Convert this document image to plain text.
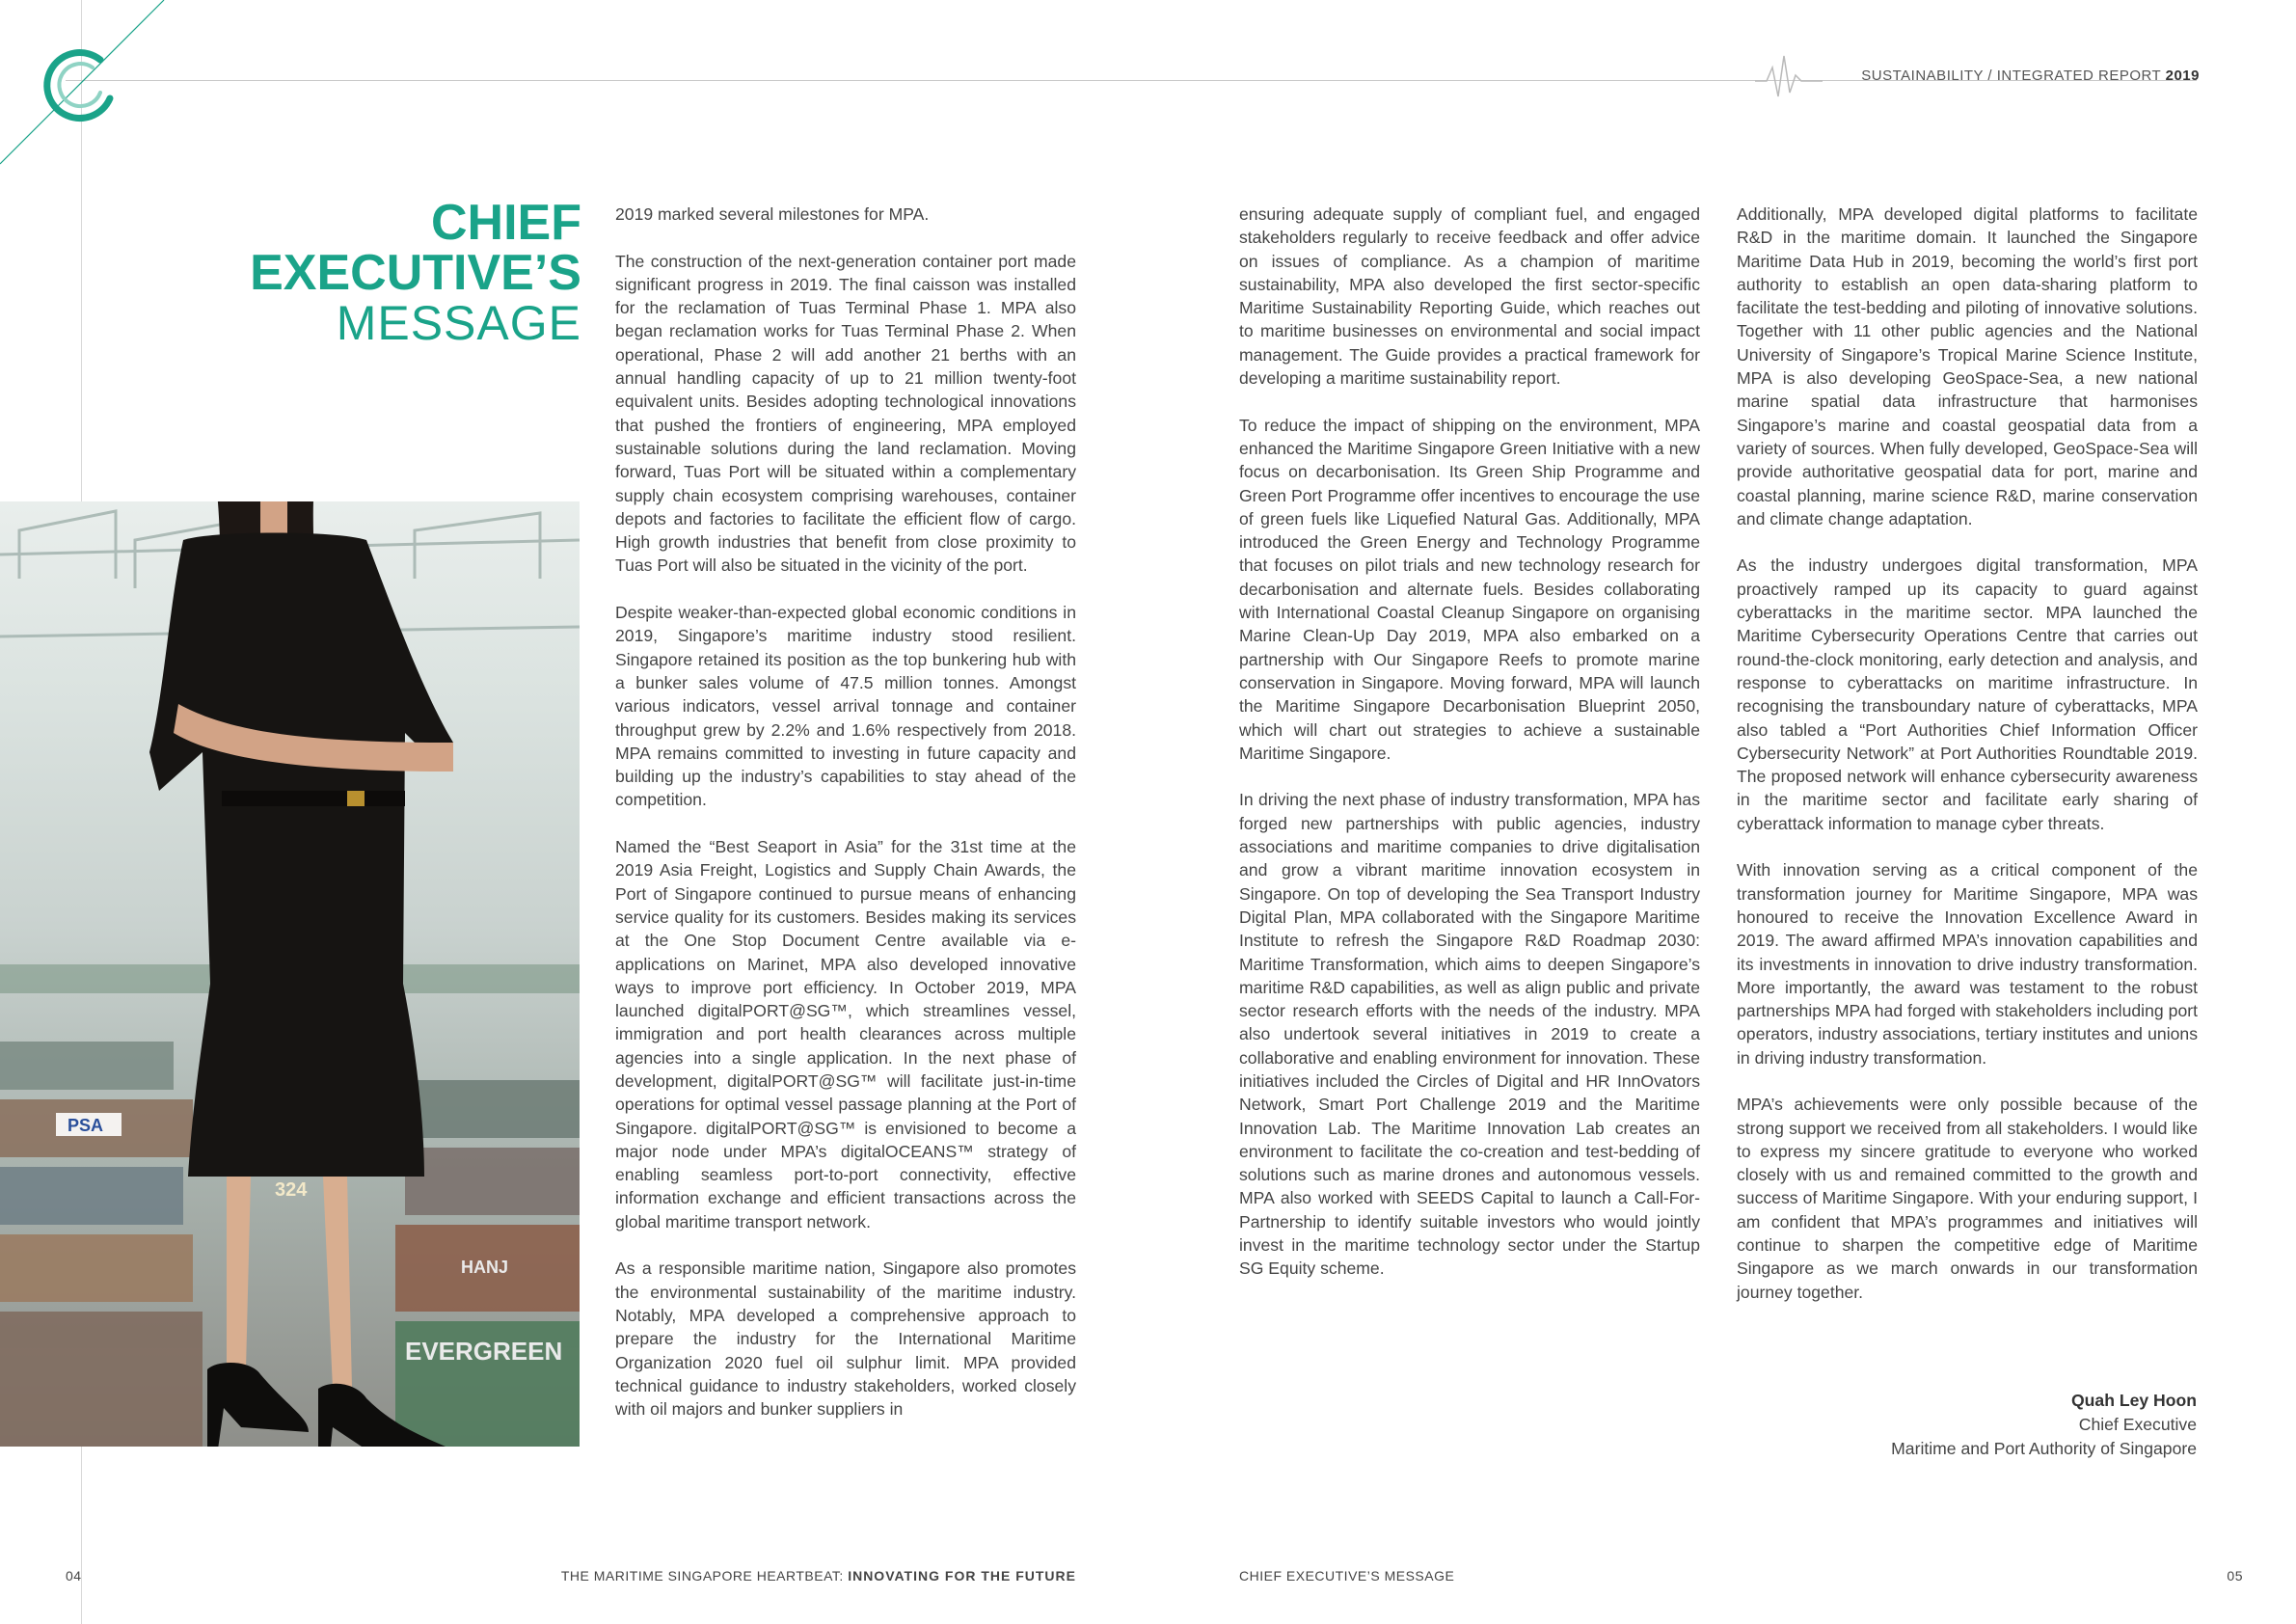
SUSTAINABILITY / INTEGRATED REPORT 2019
CHIEF
EXECUTIVE’S
MESSAGE
PSA
EVERGREEN
HANJ
324

2019 marked several milestones for MPA.

The construction of the next-generation container port made significant progress in 2019. The final caisson was installed for the reclamation of Tuas Terminal Phase 1. MPA also began reclamation works for Tuas Terminal Phase 2. When operational, Phase 2 will add another 21 berths with an annual handling capacity of up to 21 million twenty-foot equivalent units. Besides adopting technological innovations that pushed the frontiers of engineering, MPA employed sustainable solutions during the land reclamation. Moving forward, Tuas Port will be situated within a complementary supply chain ecosystem comprising warehouses, container depots and factories to facilitate the efficient flow of cargo. High growth industries that benefit from close proximity to Tuas Port will also be situated in the vicinity of the port.

Despite weaker-than-expected global economic conditions in 2019, Singapore’s maritime industry stood resilient. Singapore retained its position as the top bunkering hub with a bunker sales volume of 47.5 million tonnes. Amongst various indicators, vessel arrival tonnage and container throughput grew by 2.2% and 1.6% respectively from 2018. MPA remains committed to investing in future capacity and building up the industry’s capabilities to stay ahead of the competition.

Named the “Best Seaport in Asia” for the 31st time at the 2019 Asia Freight, Logistics and Supply Chain Awards, the Port of Singapore continued to pursue means of enhancing service quality for its customers. Besides making its services at the One Stop Document Centre available via e-applications on Marinet, MPA also developed innovative ways to improve port efficiency. In October 2019, MPA launched digitalPORT@SG™, which streamlines vessel, immigration and port health clearances across multiple agencies into a single application. In the next phase of development, digitalPORT@SG™ will facilitate just-in-time operations for optimal vessel passage planning at the Port of Singapore. digitalPORT@SG™ is envisioned to become a major node under MPA’s digitalOCEANS™ strategy of enabling seamless port-to-port connectivity, effective information exchange and efficient transactions across the global maritime transport network.

As a responsible maritime nation, Singapore also promotes the environmental sustainability of the maritime industry. Notably, MPA developed a comprehensive approach to prepare the industry for the International Maritime Organization 2020 fuel oil sulphur limit. MPA provided technical guidance to industry stakeholders, worked closely with oil majors and bunker suppliers in

ensuring adequate supply of compliant fuel, and engaged stakeholders regularly to receive feedback and offer advice on issues of compliance. As a champion of maritime sustainability, MPA also developed the first sector-specific Maritime Sustainability Reporting Guide, which reaches out to maritime businesses on environmental and social impact management. The Guide provides a practical framework for developing a maritime sustainability report.

To reduce the impact of shipping on the environment, MPA enhanced the Maritime Singapore Green Initiative with a new focus on decarbonisation. Its Green Ship Programme and Green Port Programme offer incentives to encourage the use of green fuels like Liquefied Natural Gas. Additionally, MPA introduced the Green Energy and Technology Programme that focuses on pilot trials and new technology research for decarbonisation and alternate fuels. Besides collaborating with International Coastal Cleanup Singapore on organising Marine Clean-Up Day 2019, MPA also embarked on a partnership with Our Singapore Reefs to promote marine conservation in Singapore. Moving forward, MPA will launch the Maritime Singapore Decarbonisation Blueprint 2050, which will chart out strategies to achieve a sustainable Maritime Singapore.

In driving the next phase of industry transformation, MPA has forged new partnerships with public agencies, industry associations and maritime companies to drive digitalisation and grow a vibrant maritime innovation ecosystem in Singapore. On top of developing the Sea Transport Industry Digital Plan, MPA collaborated with the Singapore Maritime Institute to refresh the Singapore R&D Roadmap 2030: Maritime Transformation, which aims to deepen Singapore’s maritime R&D capabilities, as well as align public and private sector research efforts with the needs of the industry. MPA also undertook several initiatives in 2019 to create a collaborative and enabling environment for innovation. These initiatives included the Circles of Digital and HR InnOvators Network, Smart Port Challenge 2019 and the Maritime Innovation Lab. The Maritime Innovation Lab creates an environment to facilitate the co-creation and test-bedding of solutions such as marine drones and autonomous vessels. MPA also worked with SEEDS Capital to launch a Call-For-Partnership to identify suitable investors who would jointly invest in the maritime technology sector under the Startup SG Equity scheme.

Additionally, MPA developed digital platforms to facilitate R&D in the maritime domain. It launched the Singapore Maritime Data Hub in 2019, becoming the world’s first port authority to establish an open data-sharing platform to facilitate the test-bedding and piloting of innovative solutions. Together with 11 other public agencies and the National University of Singapore’s Tropical Marine Science Institute, MPA is also developing GeoSpace-Sea, a new national marine spatial data infrastructure that harmonises Singapore’s marine and coastal geospatial data from a variety of sources. When fully developed, GeoSpace-Sea will provide authoritative geospatial data for port, marine and coastal planning, marine science R&D, marine conservation and climate change adaptation.

As the industry undergoes digital transformation, MPA proactively ramped up its capacity to guard against cyberattacks in the maritime sector. MPA launched the Maritime Cybersecurity Operations Centre that carries out round-the-clock monitoring, early detection and analysis, and response to cyberattacks on maritime infrastructure. In recognising the transboundary nature of cyberattacks, MPA also tabled a “Port Authorities Chief Information Officer Cybersecurity Network” at Port Authorities Roundtable 2019. The proposed network will enhance cybersecurity awareness in the maritime sector and facilitate early sharing of cyberattack information to manage cyber threats.

With innovation serving as a critical component of the transformation journey for Maritime Singapore, MPA was honoured to receive the Innovation Excellence Award in 2019. The award affirmed MPA’s innovation capabilities and its investments in innovation to drive industry transformation. More importantly, the award was testament to the robust partnerships MPA had forged with stakeholders including port operators, industry associations, tertiary institutes and unions in driving industry transformation.

MPA’s achievements were only possible because of the strong support we received from all stakeholders. I would like to express my sincere gratitude to everyone who worked closely with us and remained committed to the growth and success of Maritime Singapore. With your enduring support, I am confident that MPA’s programmes and initiatives will continue to sharpen the competitive edge of Maritime Singapore as we march onwards in our transformation journey together.

Quah Ley Hoon
Chief Executive
Maritime and Port Authority of Singapore
04	THE MARITIME SINGAPORE HEARTBEAT: INNOVATING FOR THE FUTURE	CHIEF EXECUTIVE’S MESSAGE	05
